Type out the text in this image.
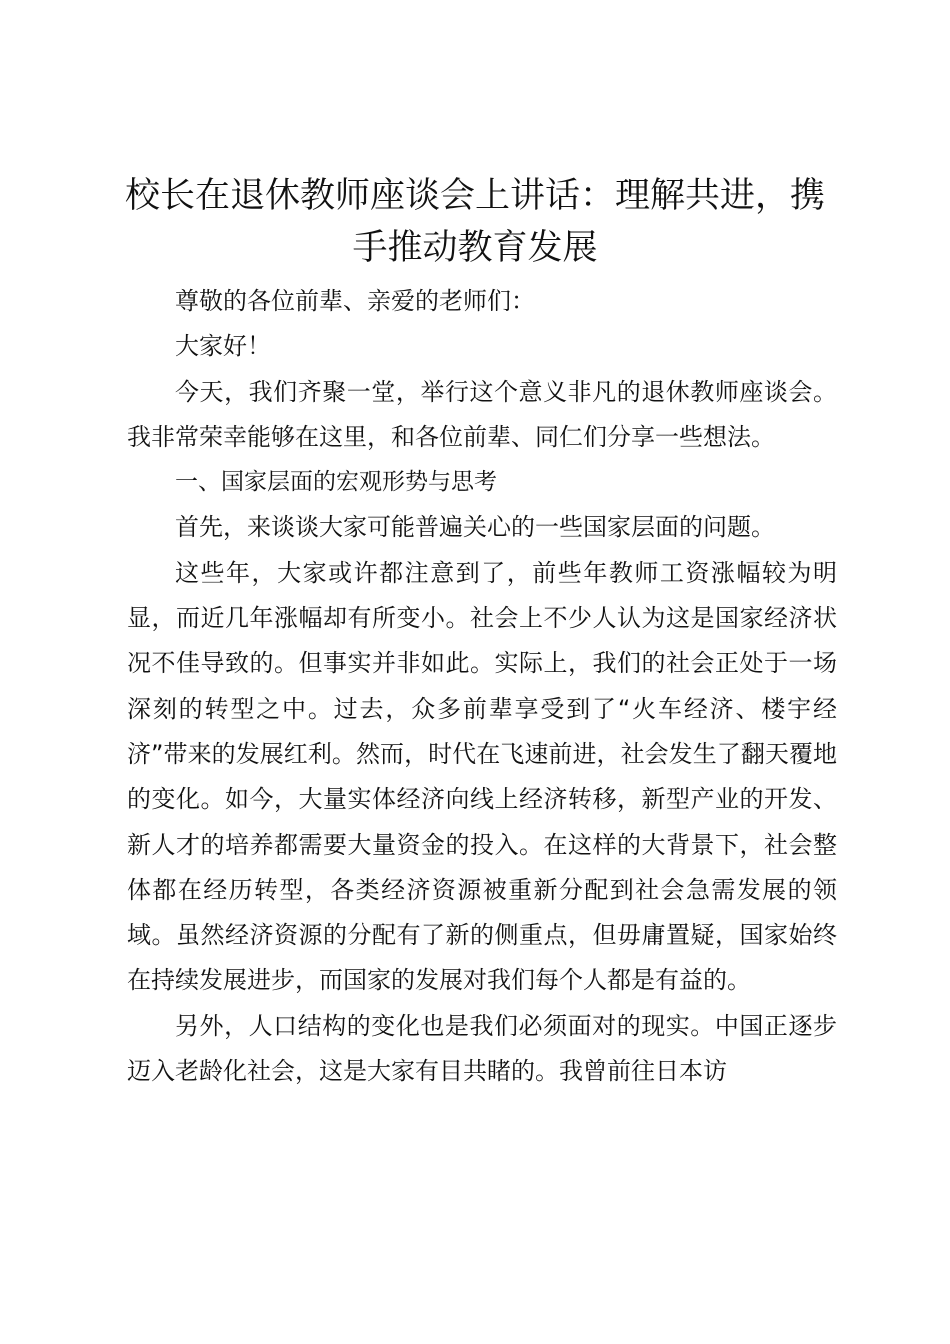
校长在退休教师座谈会上讲话：理解共进，携手推动教育发展

尊敬的各位前辈、亲爱的老师们：

大家好！

今天，我们齐聚一堂，举行这个意义非凡的退休教师座谈会。我非常荣幸能够在这里，和各位前辈、同仁们分享一些想法。

一、国家层面的宏观形势与思考

首先，来谈谈大家可能普遍关心的一些国家层面的问题。

这些年，大家或许都注意到了，前些年教师工资涨幅较为明显，而近几年涨幅却有所变小。社会上不少人认为这是国家经济状况不佳导致的。但事实并非如此。实际上，我们的社会正处于一场深刻的转型之中。过去，众多前辈享受到了“火车经济、楼宇经济”带来的发展红利。然而，时代在飞速前进，社会发生了翻天覆地的变化。如今，大量实体经济向线上经济转移，新型产业的开发、新人才的培养都需要大量资金的投入。在这样的大背景下，社会整体都在经历转型，各类经济资源被重新分配到社会急需发展的领域。虽然经济资源的分配有了新的侧重点，但毋庸置疑，国家始终在持续发展进步，而国家的发展对我们每个人都是有益的。

另外，人口结构的变化也是我们必须面对的现实。中国正逐步迈入老龄化社会，这是大家有目共睹的。我曾前往日本访
